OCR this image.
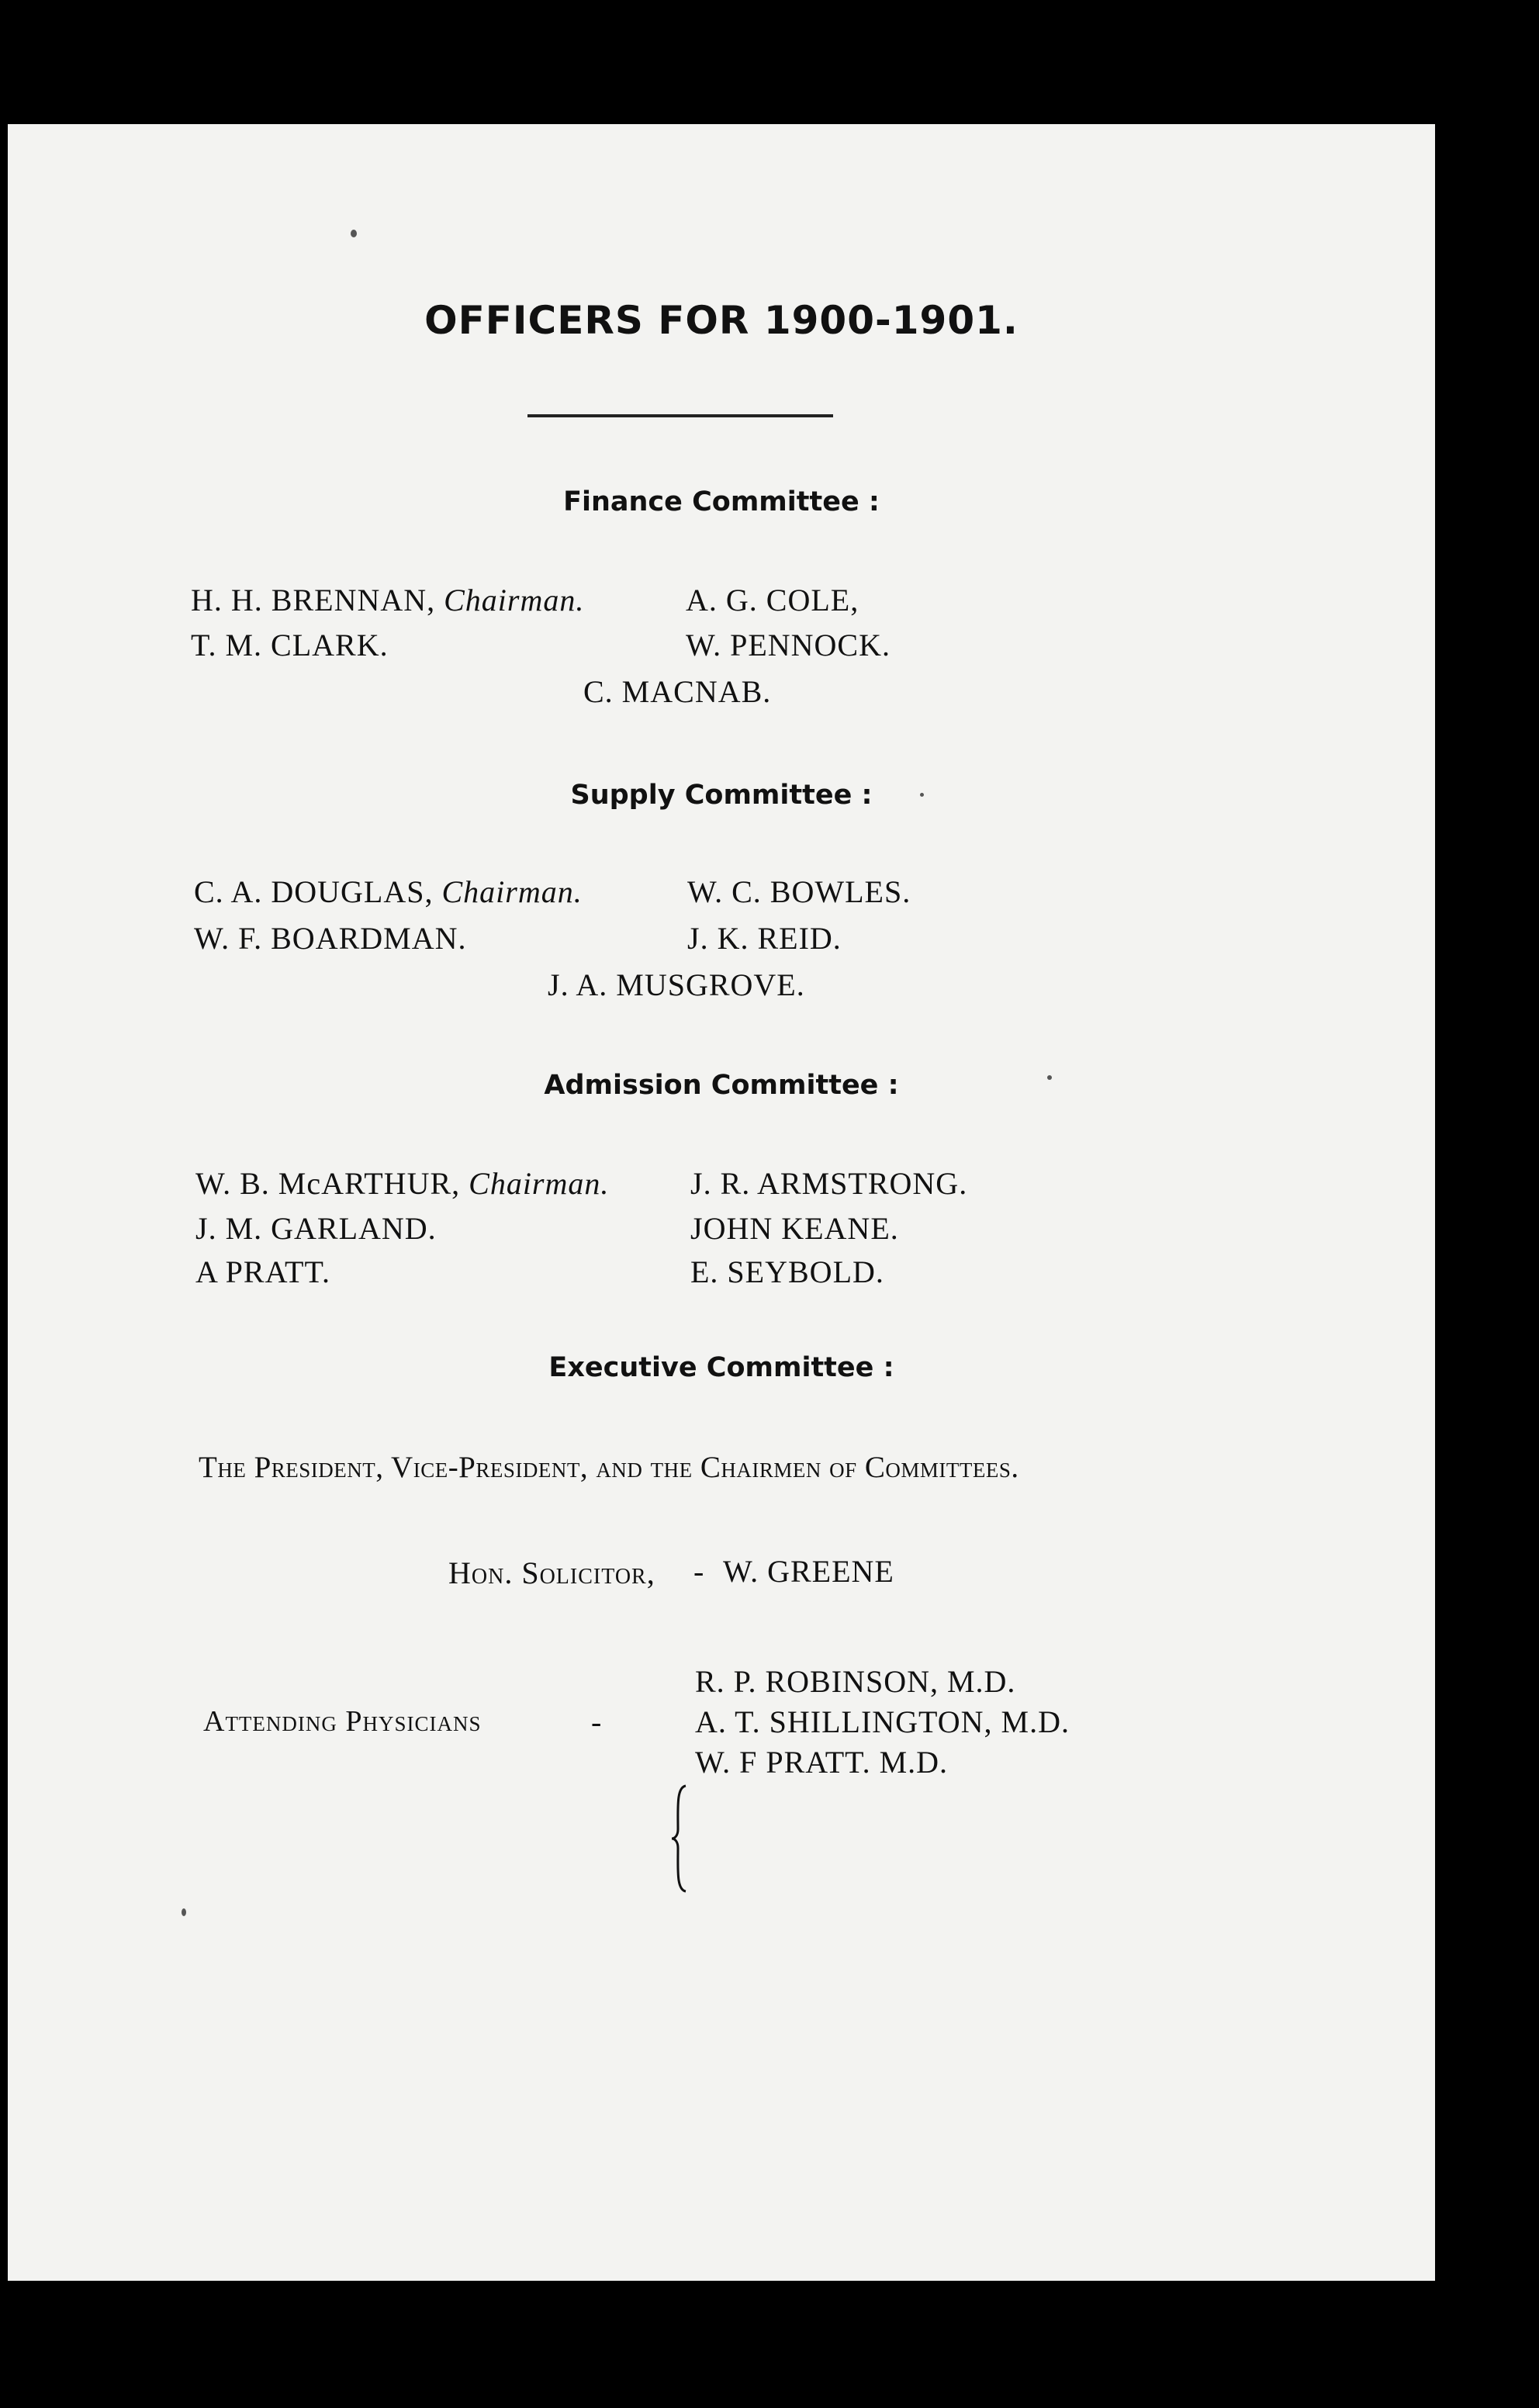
OFFICERS FOR 1900-1901.
Finance Committee :
H. H. BRENNAN, Chairman.
T. M. CLARK.
A. G. COLE,
W. PENNOCK.
C. MACNAB.
Supply Committee :
C. A. DOUGLAS, Chairman.
W. F. BOARDMAN.
W. C. BOWLES.
J. K. REID.
J. A. MUSGROVE.
Admission Committee :
W. B. McARTHUR, Chairman.
J. M. GARLAND.
A PRATT.
J. R. ARMSTRONG.
JOHN KEANE.
E. SEYBOLD.
Executive Committee :
The President, Vice-President, and the Chairmen of Committees.
Hon. Solicitor, - W. GREENE
Attending Physicians	-
R. P. ROBINSON, M.D.
A. T. SHILLINGTON, M.D.
W. F PRATT. M.D.
